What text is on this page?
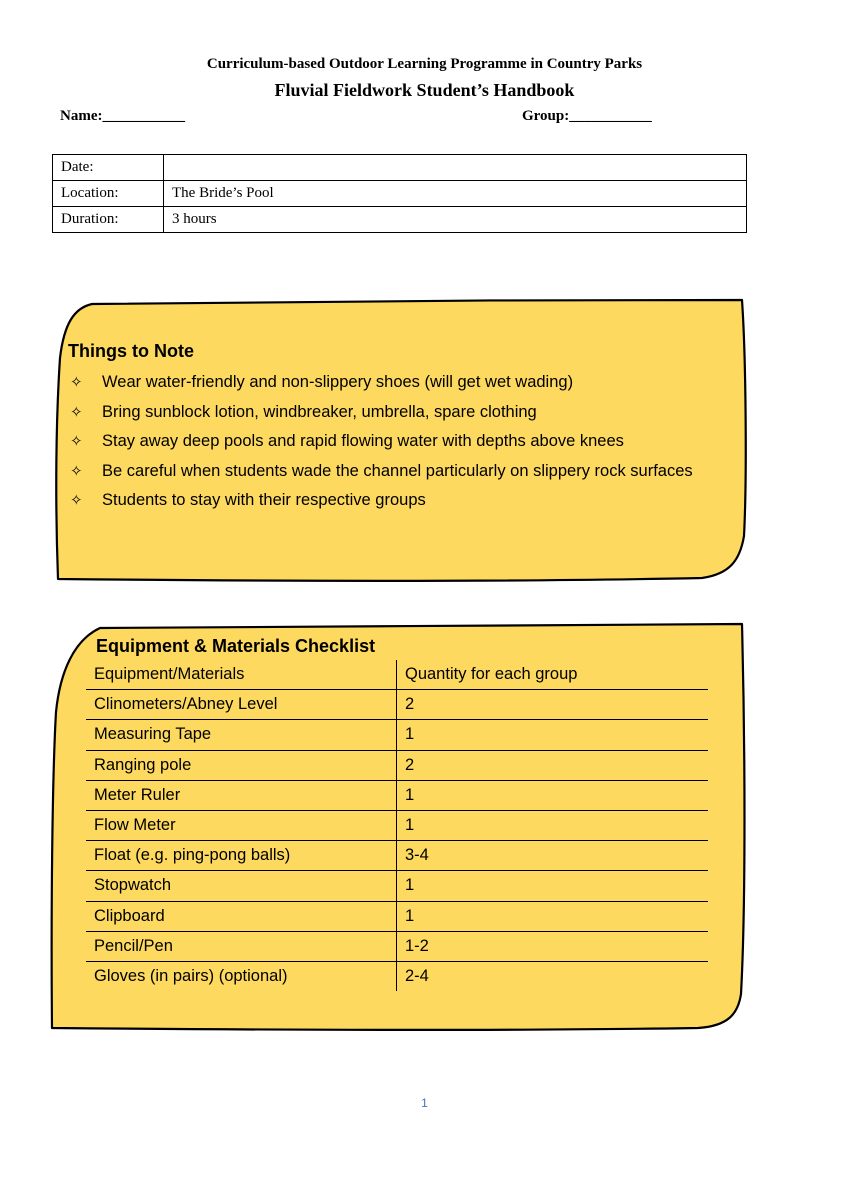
Curriculum-based Outdoor Learning Programme in Country Parks
Fluvial Fieldwork Student’s Handbook
Name:___________	Group:___________
Date:	
Location:	The Bride’s Pool
Duration:	3 hours
Things to Note
✧ Wear water-friendly and non-slippery shoes (will get wet wading)
✧ Bring sunblock lotion, windbreaker, umbrella, spare clothing
✧ Stay away deep pools and rapid flowing water with depths above knees
✧ Be careful when students wade the channel particularly on slippery rock surfaces
✧ Students to stay with their respective groups
Equipment & Materials Checklist
Equipment/Materials	Quantity for each group
Clinometers/Abney Level	2
Measuring Tape	1
Ranging pole	2
Meter Ruler	1
Flow Meter	1
Float (e.g. ping-pong balls)	3-4
Stopwatch	1
Clipboard	1
Pencil/Pen	1-2
Gloves (in pairs) (optional)	2-4
1
